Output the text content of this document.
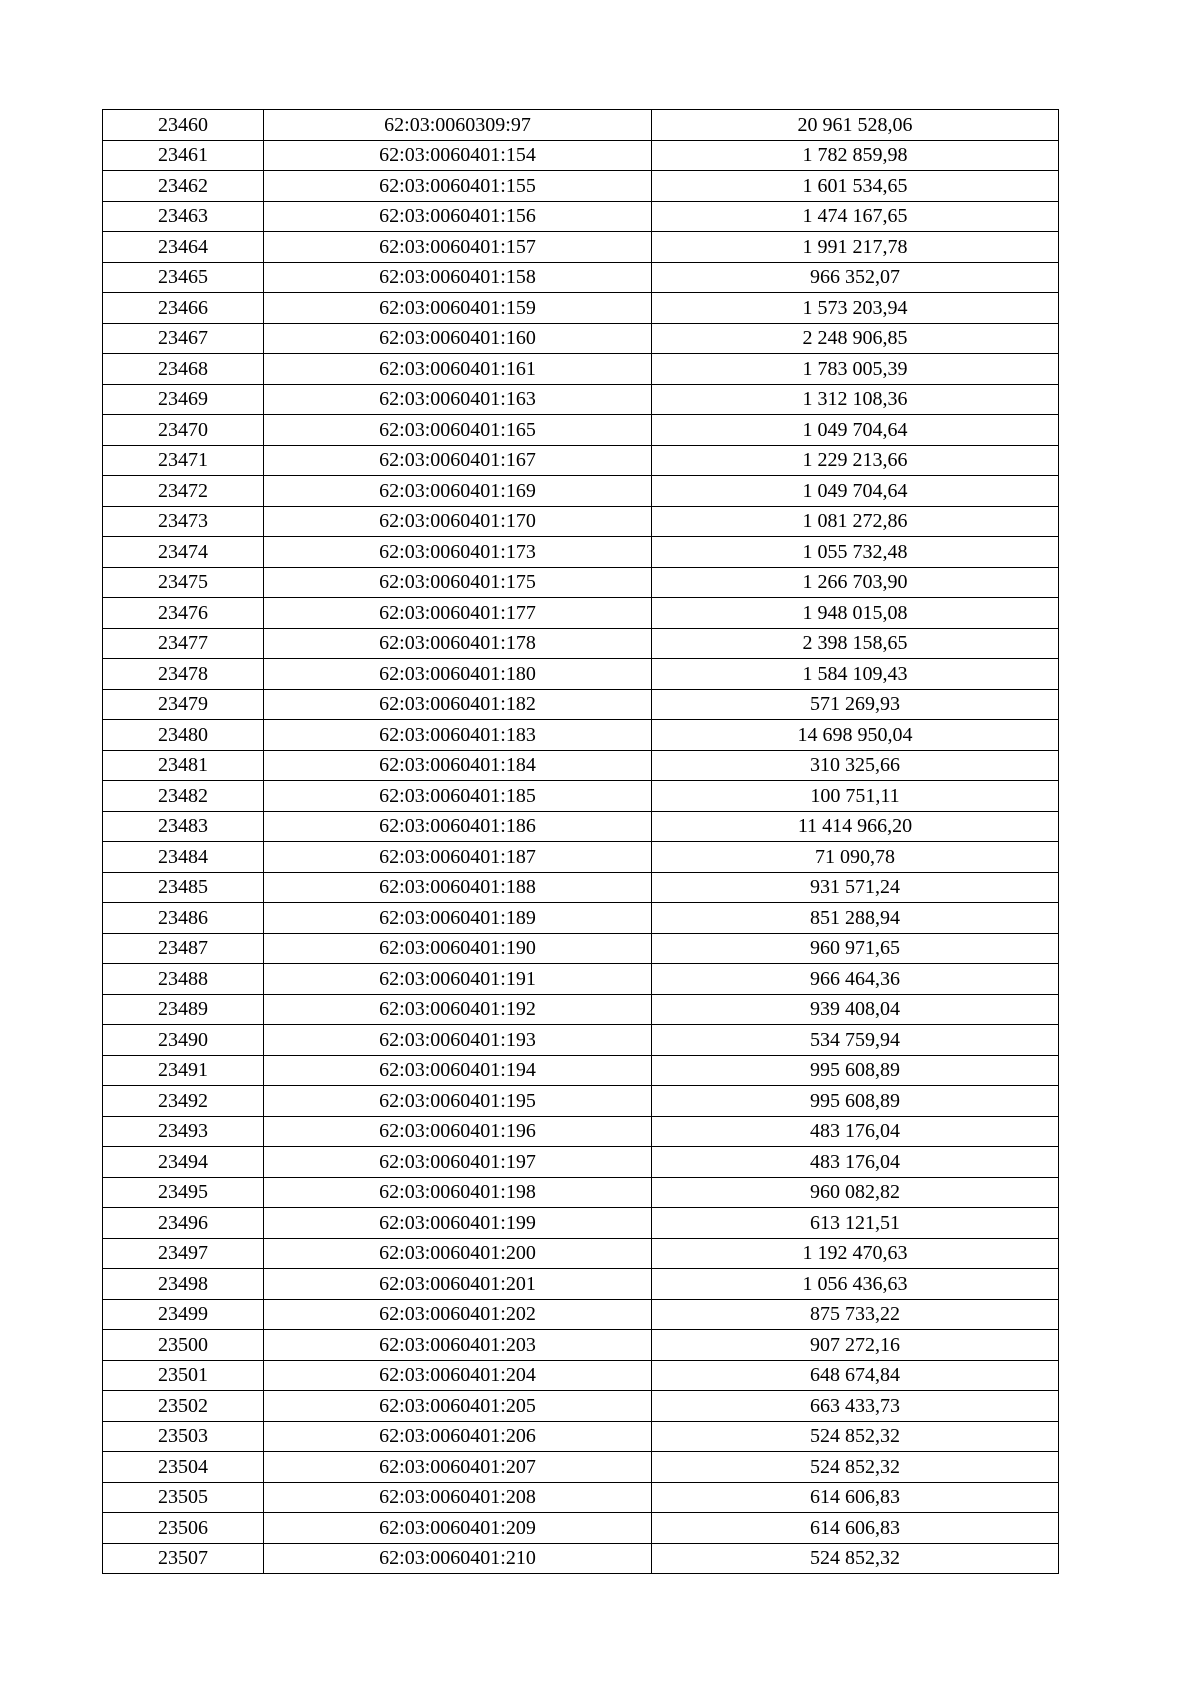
23460	62:03:0060309:97	20 961 528,06
23461	62:03:0060401:154	1 782 859,98
23462	62:03:0060401:155	1 601 534,65
23463	62:03:0060401:156	1 474 167,65
23464	62:03:0060401:157	1 991 217,78
23465	62:03:0060401:158	966 352,07
23466	62:03:0060401:159	1 573 203,94
23467	62:03:0060401:160	2 248 906,85
23468	62:03:0060401:161	1 783 005,39
23469	62:03:0060401:163	1 312 108,36
23470	62:03:0060401:165	1 049 704,64
23471	62:03:0060401:167	1 229 213,66
23472	62:03:0060401:169	1 049 704,64
23473	62:03:0060401:170	1 081 272,86
23474	62:03:0060401:173	1 055 732,48
23475	62:03:0060401:175	1 266 703,90
23476	62:03:0060401:177	1 948 015,08
23477	62:03:0060401:178	2 398 158,65
23478	62:03:0060401:180	1 584 109,43
23479	62:03:0060401:182	571 269,93
23480	62:03:0060401:183	14 698 950,04
23481	62:03:0060401:184	310 325,66
23482	62:03:0060401:185	100 751,11
23483	62:03:0060401:186	11 414 966,20
23484	62:03:0060401:187	71 090,78
23485	62:03:0060401:188	931 571,24
23486	62:03:0060401:189	851 288,94
23487	62:03:0060401:190	960 971,65
23488	62:03:0060401:191	966 464,36
23489	62:03:0060401:192	939 408,04
23490	62:03:0060401:193	534 759,94
23491	62:03:0060401:194	995 608,89
23492	62:03:0060401:195	995 608,89
23493	62:03:0060401:196	483 176,04
23494	62:03:0060401:197	483 176,04
23495	62:03:0060401:198	960 082,82
23496	62:03:0060401:199	613 121,51
23497	62:03:0060401:200	1 192 470,63
23498	62:03:0060401:201	1 056 436,63
23499	62:03:0060401:202	875 733,22
23500	62:03:0060401:203	907 272,16
23501	62:03:0060401:204	648 674,84
23502	62:03:0060401:205	663 433,73
23503	62:03:0060401:206	524 852,32
23504	62:03:0060401:207	524 852,32
23505	62:03:0060401:208	614 606,83
23506	62:03:0060401:209	614 606,83
23507	62:03:0060401:210	524 852,32
